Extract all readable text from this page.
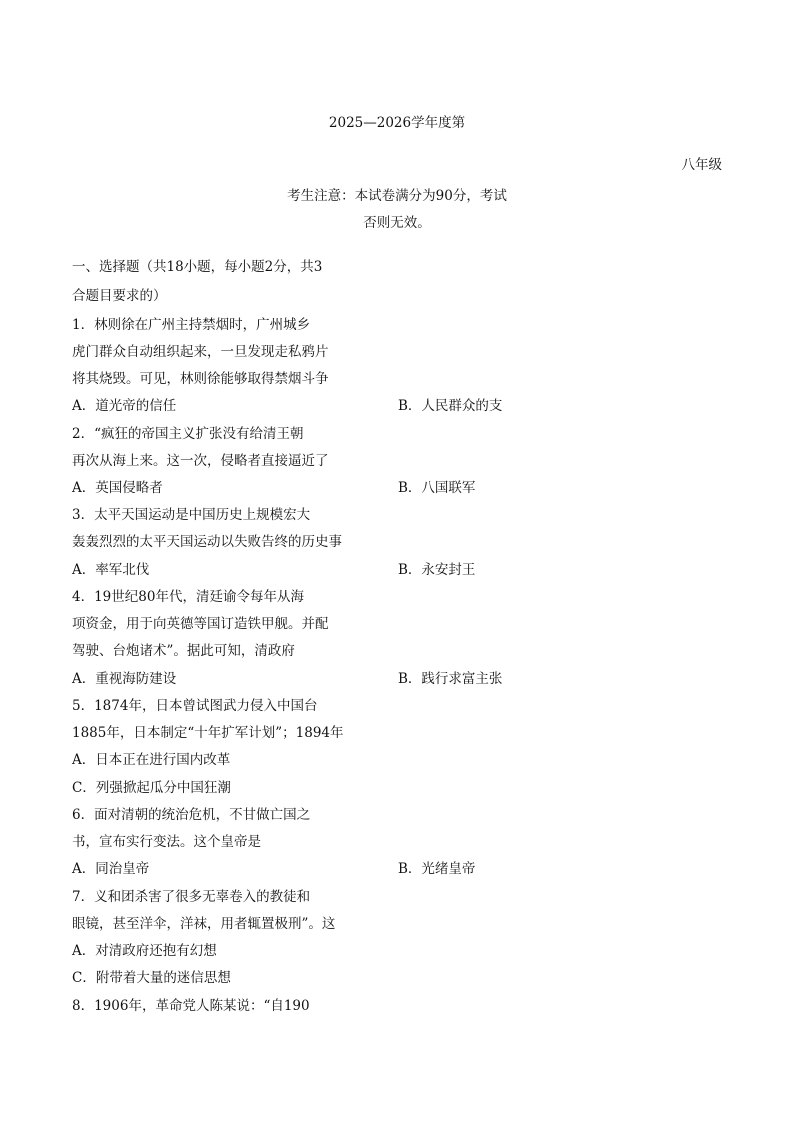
2025—2026学年度第
八年级
考生注意：本试卷满分为90分，考试
否则无效。
一、选择题（共18小题，每小题2分，共3
合题目要求的）
1．林则徐在广州主持禁烟时，广州城乡
虎门群众自动组织起来，一旦发现走私鸦片
将其烧毁。可见，林则徐能够取得禁烟斗争
A．道光帝的信任	B．人民群众的支
2．“疯狂的帝国主义扩张没有给清王朝
再次从海上来。这一次，侵略者直接逼近了
A．英国侵略者	B．八国联军
3．太平天国运动是中国历史上规模宏大
轰轰烈烈的太平天国运动以失败告终的历史事
A．率军北伐	B．永安封王
4．19世纪80年代，清廷谕令每年从海
项资金，用于向英德等国订造铁甲舰。并配
驾驶、台炮诸术”。据此可知，清政府
A．重视海防建设	B．践行求富主张
5．1874年，日本曾试图武力侵入中国台
1885年，日本制定“十年扩军计划”；1894年
A．日本正在进行国内改革
C．列强掀起瓜分中国狂潮
6．面对清朝的统治危机，不甘做亡国之
书，宣布实行变法。这个皇帝是
A．同治皇帝	B．光绪皇帝
7．义和团杀害了很多无辜卷入的教徒和
眼镜，甚至洋伞，洋袜，用者辄置极刑”。这
A．对清政府还抱有幻想
C．附带着大量的迷信思想
8．1906年，革命党人陈某说：“自190
